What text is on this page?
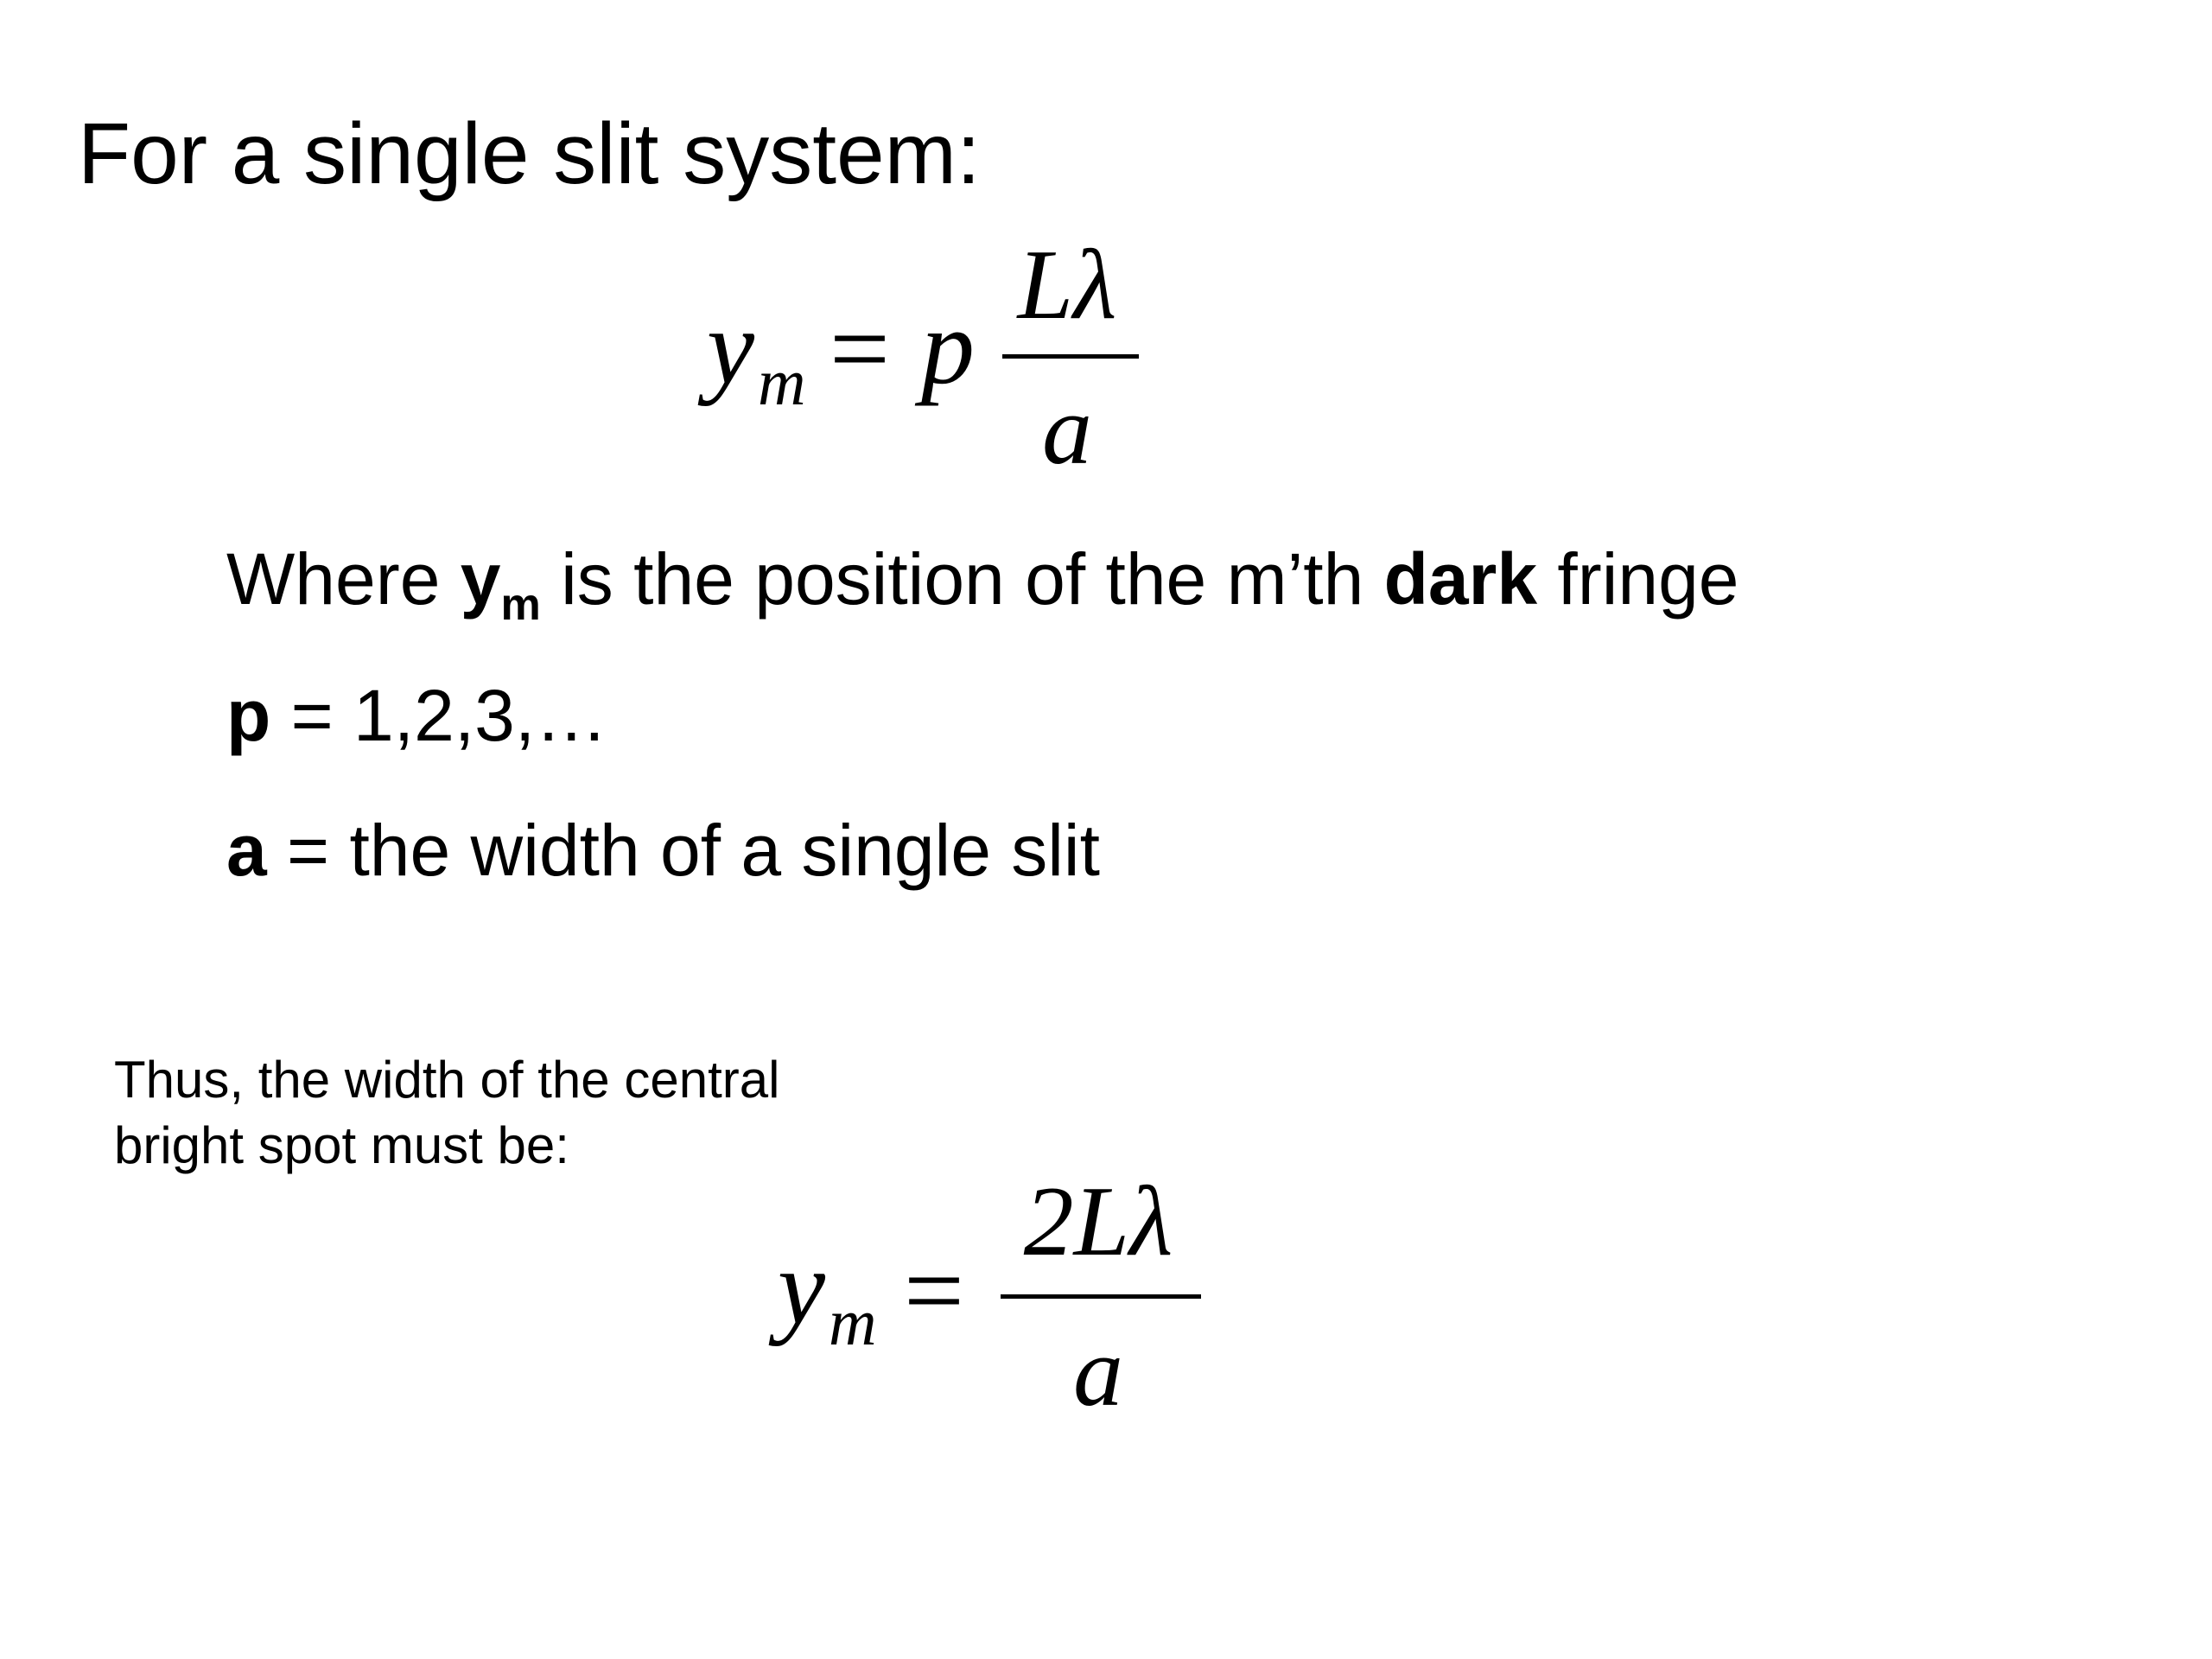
For a single slit system:
ym = p
Lλ
a
Where $y_m$ is the position of the m’th dark fringe
p = 1,2,3,…
a = the width of a single slit
Thus, the width of the central
bright spot must be:
ym =
2Lλ
a
